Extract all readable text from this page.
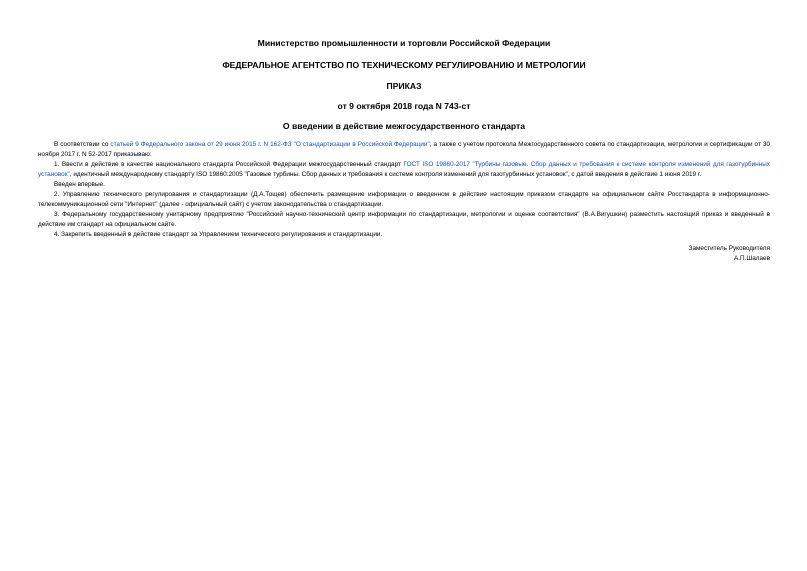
Министерство промышленности и торговли Российской Федерации
ФЕДЕРАЛЬНОЕ АГЕНТСТВО ПО ТЕХНИЧЕСКОМУ РЕГУЛИРОВАНИЮ И МЕТРОЛОГИИ
ПРИКАЗ
от 9 октября 2018 года N 743-ст
О введении в действие межгосударственного стандарта

В соответствии со статьей 9 Федерального закона от 29 июня 2015 г. N 162-ФЗ "О стандартизации в Российской Федерации", а также с учетом протокола Межгосударственного совета по стандартизации, метрологии и сертификации от 30 ноября 2017 г. N 52-2017 приказываю:

1. Ввести в действие в качестве национального стандарта Российской Федерации межгосударственный стандарт ГОСТ ISO 19860-2017 "Турбины газовые. Сбор данных и требования к системе контроля изменений для газотурбинных установок", идентичный международному стандарту ISO 19860:2005 "Газовые турбины. Сбор данных и требования к системе контроля изменений для газотурбинных установок", с датой введения в действие 1 июня 2019 г.

Введен впервые.

2. Управлению технического регулирования и стандартизации (Д.А.Тощев) обеспечить размещение информации о введенном в действие настоящим приказом стандарте на официальном сайте Росстандарта в информационно-телекоммуникационной сети "Интернет" (далее - официальный сайт) с учетом законодательства о стандартизации.

3. Федеральному государственному унитарному предприятию "Российский научно-технический центр информации по стандартизации, метрологии и оценке соответствия" (В.А.Вигушкин) разместить настоящий приказ и введенный в действие им стандарт на официальном сайте.

4. Закрепить введенный в действие стандарт за Управлением технического регулирования и стандартизации.

Заместитель Руководителя
А.П.Шалаев
